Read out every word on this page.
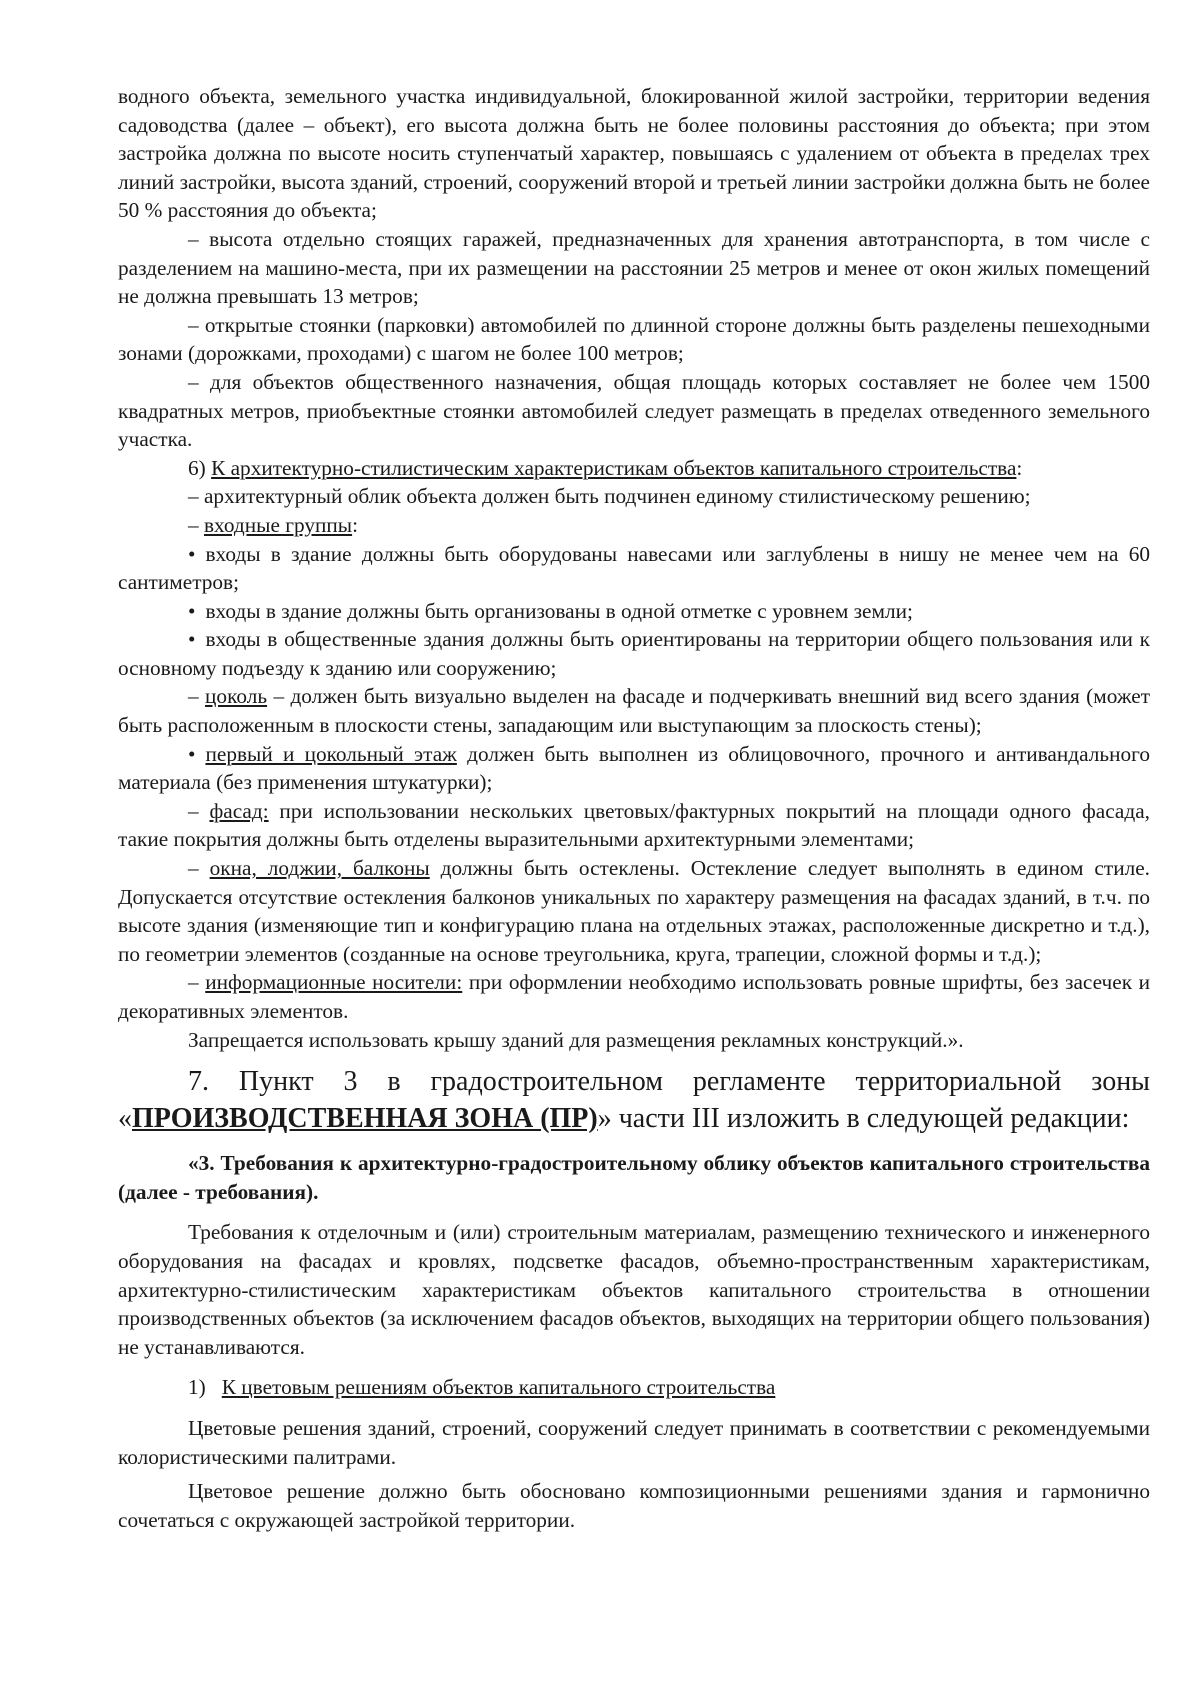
водного объекта, земельного участка индивидуальной, блокированной жилой застройки, территории ведения садоводства (далее – объект), его высота должна быть не более половины расстояния до объекта; при этом застройка должна по высоте носить ступенчатый характер, повышаясь с удалением от объекта в пределах трех линий застройки, высота зданий, строений, сооружений второй и третьей линии застройки должна быть не более 50 % расстояния до объекта;

– высота отдельно стоящих гаражей, предназначенных для хранения автотранспорта, в том числе с разделением на машино-места, при их размещении на расстоянии 25 метров и менее от окон жилых помещений не должна превышать 13 метров;

– открытые стоянки (парковки) автомобилей по длинной стороне должны быть разделены пешеходными зонами (дорожками, проходами) с шагом не более 100 метров;

– для объектов общественного назначения, общая площадь которых составляет не более чем 1500 квадратных метров, приобъектные стоянки автомобилей следует размещать в пределах отведенного земельного участка.

6) К архитектурно-стилистическим характеристикам объектов капитального строительства:

– архитектурный облик объекта должен быть подчинен единому стилистическому решению;

– входные группы:

• входы в здание должны быть оборудованы навесами или заглублены в нишу не менее чем на 60 сантиметров;

• входы в здание должны быть организованы в одной отметке с уровнем земли;

• входы в общественные здания должны быть ориентированы на территории общего пользования или к основному подъезду к зданию или сооружению;

– цоколь – должен быть визуально выделен на фасаде и подчеркивать внешний вид всего здания (может быть расположенным в плоскости стены, западающим или выступающим за плоскость стены);

• первый и цокольный этаж должен быть выполнен из облицовочного, прочного и антивандального материала (без применения штукатурки);

– фасад: при использовании нескольких цветовых/фактурных покрытий на площади одного фасада, такие покрытия должны быть отделены выразительными архитектурными элементами;

– окна, лоджии, балконы должны быть остеклены. Остекление следует выполнять в едином стиле. Допускается отсутствие остекления балконов уникальных по характеру размещения на фасадах зданий, в т.ч. по высоте здания (изменяющие тип и конфигурацию плана на отдельных этажах, расположенные дискретно и т.д.), по геометрии элементов (созданные на основе треугольника, круга, трапеции, сложной формы и т.д.);

– информационные носители: при оформлении необходимо использовать ровные шрифты, без засечек и декоративных элементов.

Запрещается использовать крышу зданий для размещения рекламных конструкций.».

7. Пункт 3 в градостроительном регламенте территориальной зоны «ПРОИЗВОДСТВЕННАЯ ЗОНА (ПР)» части III изложить в следующей редакции:

«3. Требования к архитектурно-градостроительному облику объектов капитального строительства (далее - требования).

Требования к отделочным и (или) строительным материалам, размещению технического и инженерного оборудования на фасадах и кровлях, подсветке фасадов, объемно-пространственным характеристикам, архитектурно-стилистическим характеристикам объектов капитального строительства в отношении производственных объектов (за исключением фасадов объектов, выходящих на территории общего пользования) не устанавливаются.

1) К цветовым решениям объектов капитального строительства

Цветовые решения зданий, строений, сооружений следует принимать в соответствии с рекомендуемыми колористическими палитрами.

Цветовое решение должно быть обосновано композиционными решениями здания и гармонично сочетаться с окружающей застройкой территории.
